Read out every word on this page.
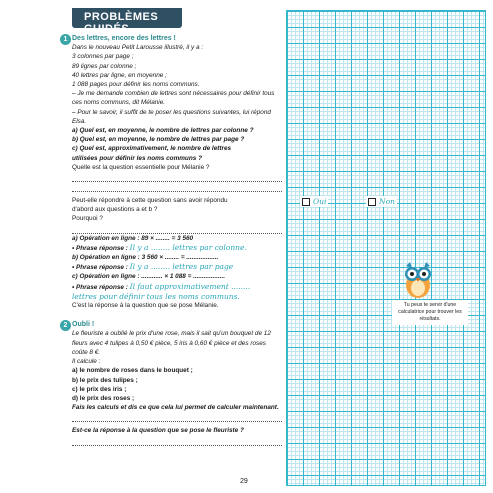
PROBLÈMES GUIDÉS
1 Des lettres, encore des lettres !
Dans le nouveau Petit Larousse illustré, il y a :
3 colonnes par page ;
89 lignes par colonne ;
40 lettres par ligne, en moyenne ;
1 088 pages pour définir les noms communs.
– Je me demande combien de lettres sont nécessaires pour définir tous ces noms communs, dit Mélanie.
– Pour le savoir, il suffit de te poser les questions suivantes, lui répond Elsa.
a) Quel est, en moyenne, le nombre de lettres par colonne ?
b) Quel est, en moyenne, le nombre de lettres par page ?
c) Quel est, approximativement, le nombre de lettres
utilisées pour définir les noms communs ?
Quelle est la question essentielle pour Mélanie ?
Peut-elle répondre à cette question sans avoir répondu
d'abord aux questions a et b ?
Pourquoi ?
a) Opération en ligne : 89 × ........ = 3 560
• Phrase réponse : Il y a ........ lettres par colonne.
b) Opération en ligne : 3 560 × ........ = ..................
• Phrase réponse : Il y a ........ lettres par page
c) Opération en ligne : ............ × 1 088 = ..................
• Phrase réponse : Il faut approximativement ........
lettres pour définir tous les noms communs.
C'est la réponse à la question que se pose Mélanie.
2 Oubli !
Le fleuriste a oublié le prix d'une rose, mais il sait qu'un bouquet de 12 fleurs avec 4 tulipes à 0,50 € pièce, 5 iris à 0,60 € pièce et des roses coûte 8 €.
Il calcule :
a) le nombre de roses dans le bouquet ;
b) le prix des tulipes ;
c) le prix des iris ;
d) le prix des roses ;
Fais les calculs et dis ce que cela lui permet de calculer maintenant.
Est-ce la réponse à la question que se pose le fleuriste ?
Oui	Non
Tu peux te servir d'une calculatrice pour trouver les résultats.
29
